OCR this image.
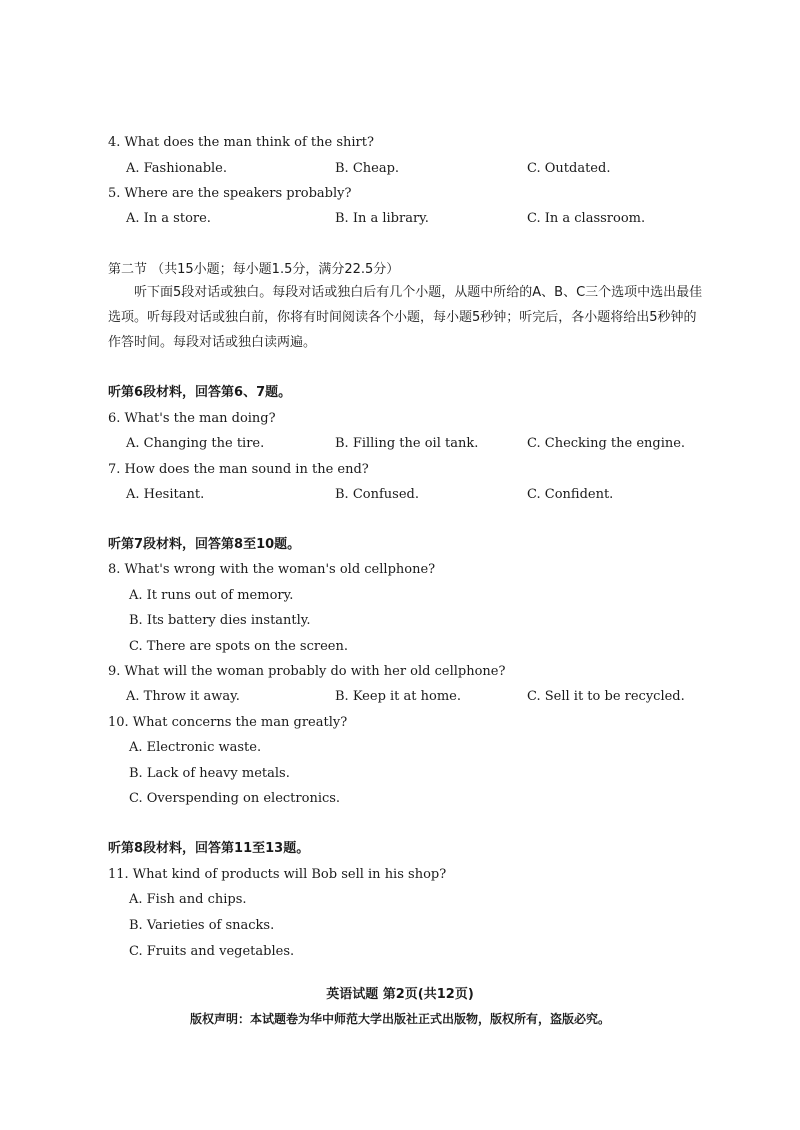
4. What does the man think of the shirt?
A. Fashionable.	B. Cheap.	C. Outdated.
5. Where are the speakers probably?
A. In a store.	B. In a library.	C. In a classroom.
第二节 （共15小题；每小题1.5分，满分22.5分）
听下面5段对话或独白。每段对话或独白后有几个小题，从题中所给的A、B、C三个选项中选出最佳选项。听每段对话或独白前，你将有时间阅读各个小题，每小题5秒钟；听完后，各小题将给出5秒钟的作答时间。每段对话或独白读两遍。
听第6段材料，回答第6、7题。
6. What's the man doing?
A. Changing the tire.	B. Filling the oil tank.	C. Checking the engine.
7. How does the man sound in the end?
A. Hesitant.	B. Confused.	C. Confident.
听第7段材料，回答第8至10题。
8. What's wrong with the woman's old cellphone?
A. It runs out of memory.
B. Its battery dies instantly.
C. There are spots on the screen.
9. What will the woman probably do with her old cellphone?
A. Throw it away.	B. Keep it at home.	C. Sell it to be recycled.
10. What concerns the man greatly?
A. Electronic waste.
B. Lack of heavy metals.
C. Overspending on electronics.
听第8段材料，回答第11至13题。
11. What kind of products will Bob sell in his shop?
A. Fish and chips.
B. Varieties of snacks.
C. Fruits and vegetables.
英语试题 第2页(共12页)
版权声明：本试题卷为华中师范大学出版社正式出版物，版权所有，盗版必究。
